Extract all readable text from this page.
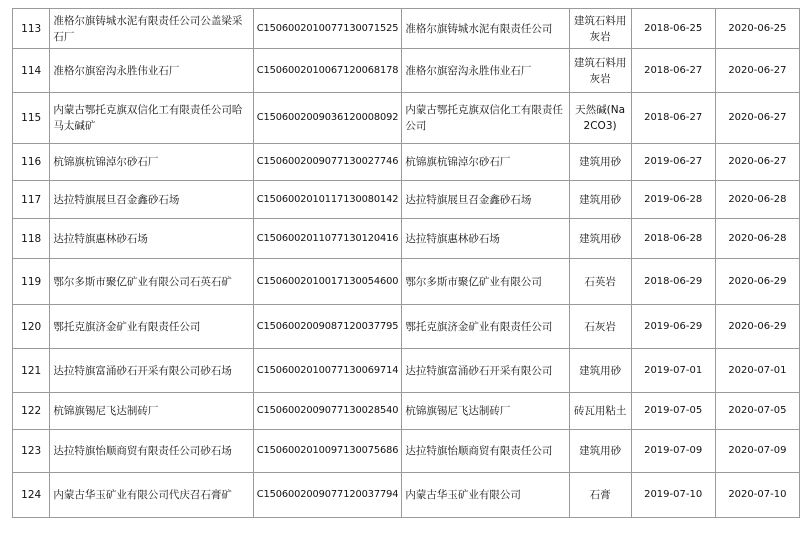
113	准格尔旗铸城水泥有限责任公司公盖梁采石厂	C1506002010077130071525	准格尔旗铸城水泥有限责任公司	建筑石料用灰岩	2018-06-25	2020-06-25
114	准格尔旗窑沟永胜伟业石厂	C1506002010067120068178	准格尔旗窑沟永胜伟业石厂	建筑石料用灰岩	2018-06-27	2020-06-27
115	内蒙古鄂托克旗双信化工有限责任公司哈马太碱矿	C1506002009036120008092	内蒙古鄂托克旗双信化工有限责任公司	天然碱(Na2CO3)	2018-06-27	2020-06-27
116	杭锦旗杭锦淖尔砂石厂	C1506002009077130027746	杭锦旗杭锦淖尔砂石厂	建筑用砂	2019-06-27	2020-06-27
117	达拉特旗展旦召金鑫砂石场	C1506002010117130080142	达拉特旗展旦召金鑫砂石场	建筑用砂	2019-06-28	2020-06-28
118	达拉特旗惠林砂石场	C1506002011077130120416	达拉特旗惠林砂石场	建筑用砂	2018-06-28	2020-06-28
119	鄂尔多斯市聚亿矿业有限公司石英石矿	C1506002010017130054600	鄂尔多斯市聚亿矿业有限公司	石英岩	2018-06-29	2020-06-29
120	鄂托克旗济金矿业有限责任公司	C1506002009087120037795	鄂托克旗济金矿业有限责任公司	石灰岩	2019-06-29	2020-06-29
121	达拉特旗富涌砂石开采有限公司砂石场	C1506002010077130069714	达拉特旗富涌砂石开采有限公司	建筑用砂	2019-07-01	2020-07-01
122	杭锦旗锡尼飞达制砖厂	C1506002009077130028540	杭锦旗锡尼飞达制砖厂	砖瓦用粘土	2019-07-05	2020-07-05
123	达拉特旗怡顺商贸有限责任公司砂石场	C1506002010097130075686	达拉特旗怡顺商贸有限责任公司	建筑用砂	2019-07-09	2020-07-09
124	内蒙古华玉矿业有限公司代庆召石膏矿	C1506002009077120037794	内蒙古华玉矿业有限公司	石膏	2019-07-10	2020-07-10
